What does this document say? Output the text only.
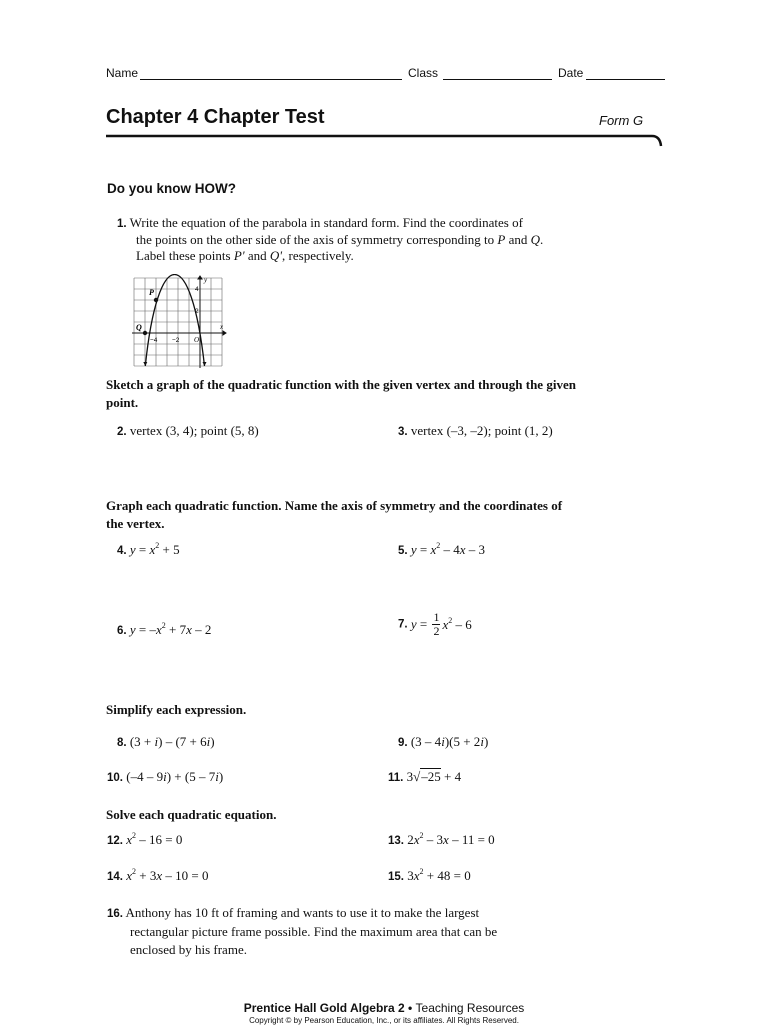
Name	Class	Date
Chapter 4 Chapter Test	Form G
Do you know HOW?
1. Write the equation of the parabola in standard form. Find the coordinates of
the points on the other side of the axis of symmetry corresponding to P and Q.
Label these points P' and Q', respectively.
P
Q	x
y
4
2
−4 −2 O
Sketch a graph of the quadratic function with the given vertex and through the given
point.
2. vertex (3, 4); point (5, 8)	3. vertex (–3, –2); point (1, 2)
Graph each quadratic function. Name the axis of symmetry and the coordinates of
the vertex.
4. $y = x^2 + 5$	5. $y = x^2 - 4x - 3$
6. $y = -x^2 + 7x - 2$	7. $y = \frac{1}{2} x^2 - 6$
Simplify each expression.
8. (3 + i) – (7 + 6i)	9. (3 – 4i)(5 + 2i)
10. (–4 – 9i) + (5 – 7i)	11. 3√–25 + 4
Solve each quadratic equation.
12. $x^2 - 16 = 0$	13. $2x^2 - 3x - 11 = 0$
14. $x^2 + 3x - 10 = 0$	15. $3x^2 + 48 = 0$
16. Anthony has 10 ft of framing and wants to use it to make the largest
rectangular picture frame possible. Find the maximum area that can be
enclosed by his frame.
Prentice Hall Gold Algebra 2 • Teaching Resources
Copyright © by Pearson Education, Inc., or its affiliates. All Rights Reserved.
